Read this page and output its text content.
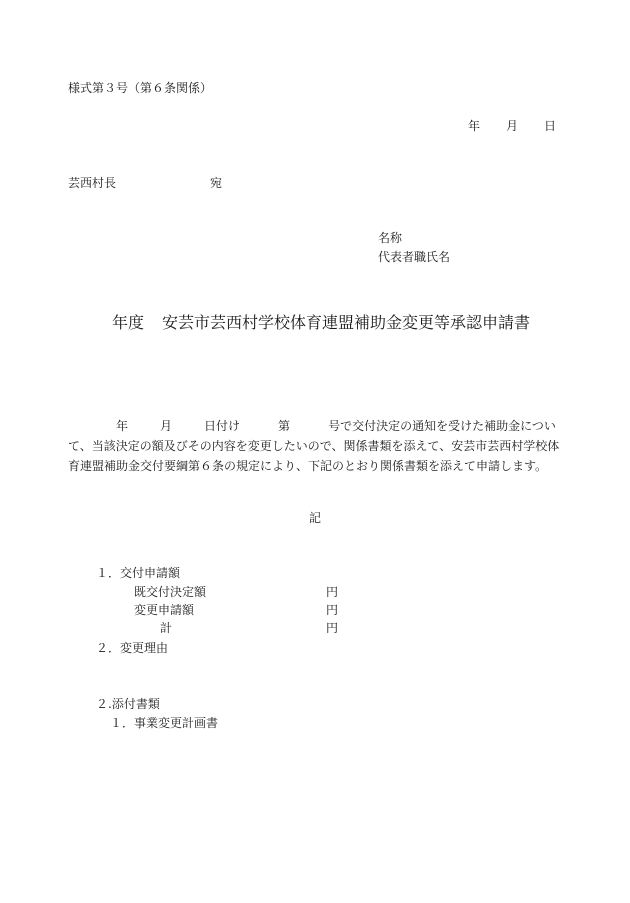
様式第３号（第６条関係）
年 月 日
芸西村長	宛
名称
代表者職氏名
年度 安芸市芸西村学校体育連盟補助金変更等承認申請書
年	月	日付け	第	号で交付決定の通知を受けた補助金について、当該決定の額及びその内容を変更したいので、関係書類を添えて、安芸市芸西村学校体育連盟補助金交付要綱第６条の規定により、下記のとおり関係書類を添えて申請します。
記
１．交付申請額
既交付決定額	円
変更申請額	円
計	円
２．変更理由
２.添付書類
１．事業変更計画書
